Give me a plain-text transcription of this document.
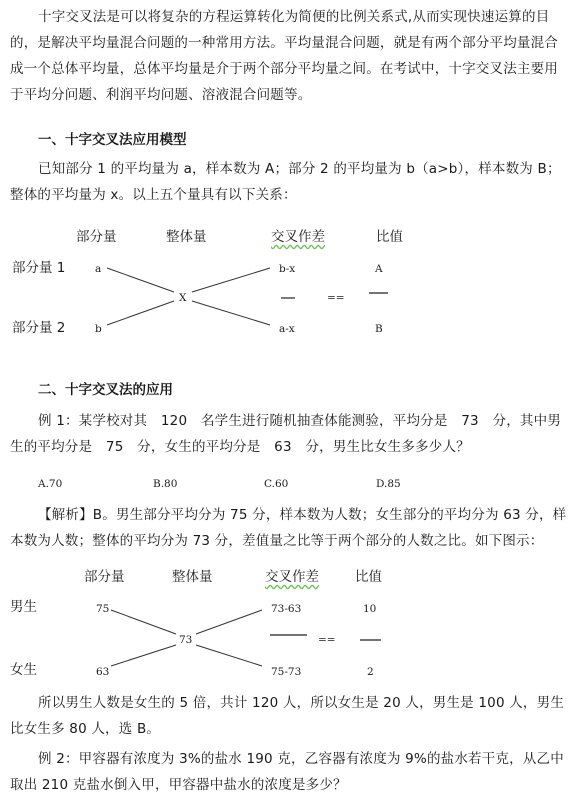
十字交叉法是可以将复杂的方程运算转化为简便的比例关系式,从而实现快速运算的目的，是解决平均量混合问题的一种常用方法。平均量混合问题，就是有两个部分平均量混合成一个总体平均量，总体平均量是介于两个部分平均量之间。在考试中，十字交叉法主要用于平均分问题、利润平均问题、溶液混合问题等。
一、十字交叉法应用模型
已知部分 1 的平均量为 a，样本数为 A；部分 2 的平均量为 b（a>b），样本数为 B；整体的平均量为 x。以上五个量具有以下关系：
部分量	整体量	交叉作差	比值
部分量 1
部分量 2
a
b
X
b-x
a-x
==
A
B
二、十字交叉法的应用
例 1：某学校对其　120　名学生进行随机抽查体能测验，平均分是　73　分，其中男生的平均分是　75　分，女生的平均分是　63　分，男生比女生多多少人？
A.70	B.80	C.60	D.85
【解析】B。男生部分平均分为 75 分，样本数为人数；女生部分的平均分为 63 分，样本数为人数；整体的平均分为 73 分，差值量之比等于两个部分的人数之比。如下图示：
部分量	整体量	交叉作差	比值
男生
女生
75
63
73
73-63
75-73
==
10
2
所以男生人数是女生的 5 倍，共计 120 人，所以女生是 20 人，男生是 100 人，男生比女生多 80 人，选 B。
例 2：甲容器有浓度为 3%的盐水 190 克，乙容器有浓度为 9%的盐水若干克，从乙中取出 210 克盐水倒入甲，甲容器中盐水的浓度是多少？
